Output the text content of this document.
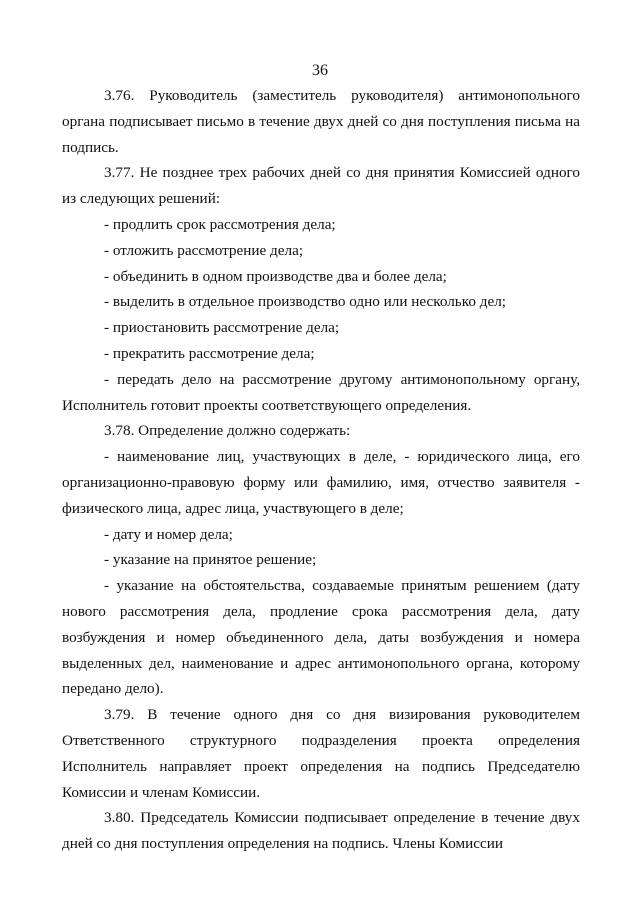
36

3.76. Руководитель (заместитель руководителя) антимонопольного органа подписывает письмо в течение двух дней со дня поступления письма на подпись.

3.77. Не позднее трех рабочих дней со дня принятия Комиссией одного из следующих решений:

- продлить срок рассмотрения дела;

- отложить рассмотрение дела;

- объединить в одном производстве два и более дела;

- выделить в отдельное производство одно или несколько дел;

- приостановить рассмотрение дела;

- прекратить рассмотрение дела;

- передать дело на рассмотрение другому антимонопольному органу, Исполнитель готовит проекты соответствующего определения.

3.78. Определение должно содержать:

- наименование лиц, участвующих в деле, - юридического лица, его организационно-правовую форму или фамилию, имя, отчество заявителя - физического лица, адрес лица, участвующего в деле;

- дату и номер дела;

- указание на принятое решение;

- указание на обстоятельства, создаваемые принятым решением (дату нового рассмотрения дела, продление срока рассмотрения дела, дату возбуждения и номер объединенного дела, даты возбуждения и номера выделенных дел, наименование и адрес антимонопольного органа, которому передано дело).

3.79. В течение одного дня со дня визирования руководителем Ответственного структурного подразделения проекта определения Исполнитель направляет проект определения на подпись Председателю Комиссии и членам Комиссии.

3.80. Председатель Комиссии подписывает определение в течение двух дней со дня поступления определения на подпись. Члены Комиссии
